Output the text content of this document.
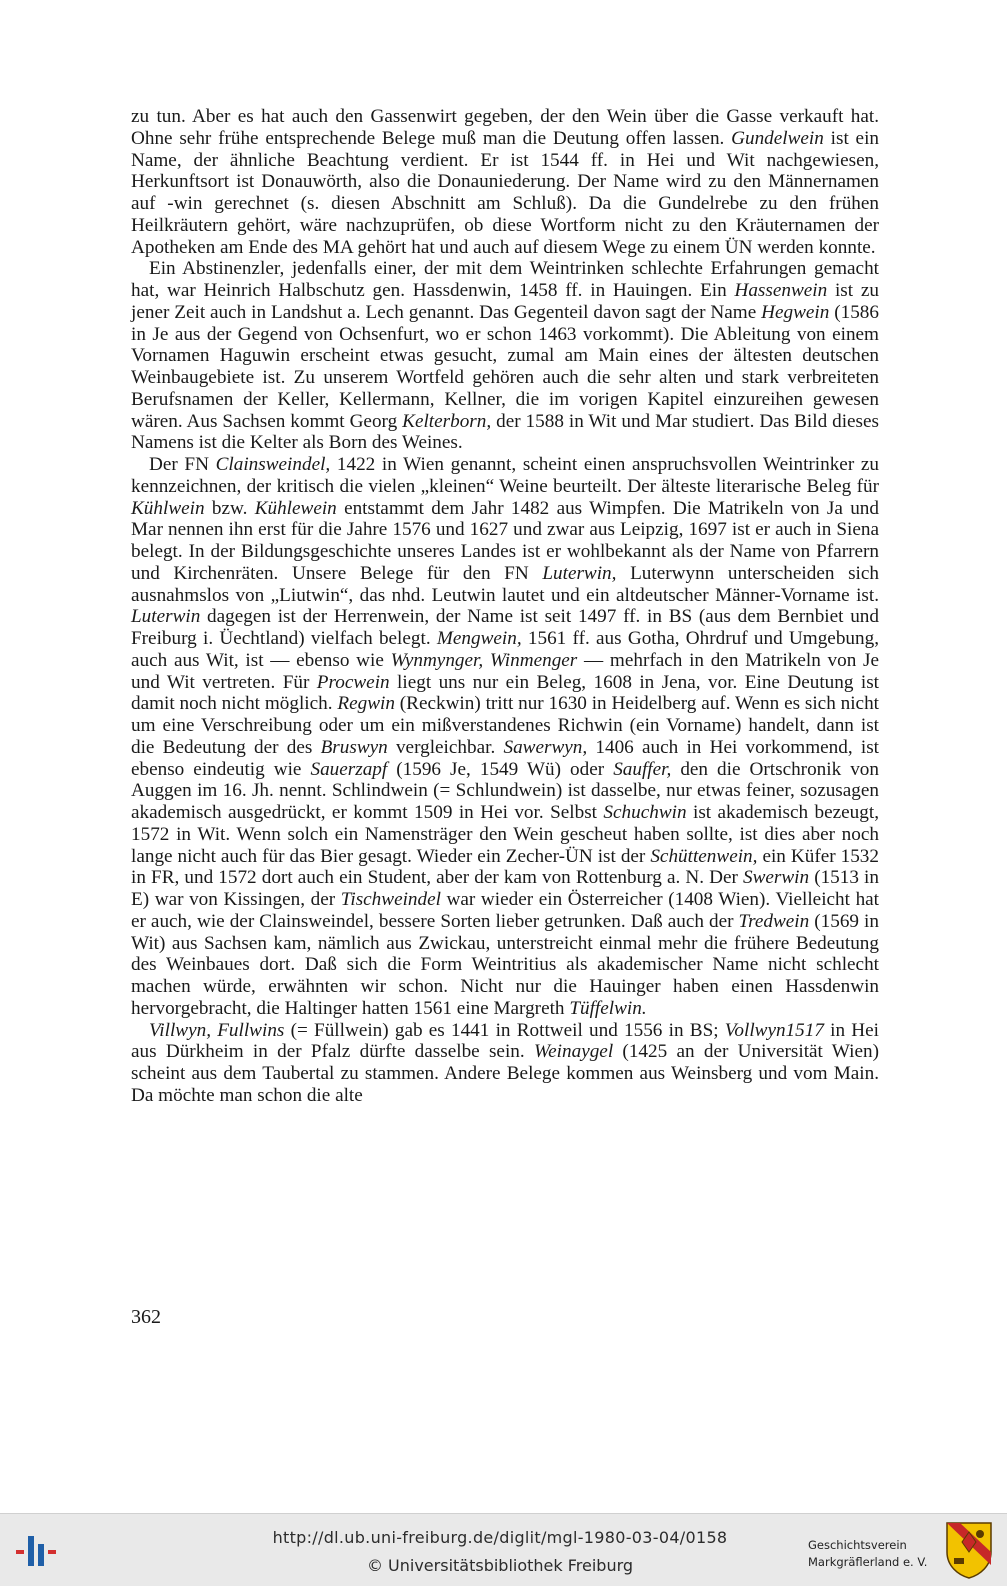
zu tun. Aber es hat auch den Gassenwirt gegeben, der den Wein über die Gasse verkauft hat. Ohne sehr frühe entsprechende Belege muß man die Deutung offen lassen. Gundelwein ist ein Name, der ähnliche Beachtung verdient. Er ist 1544 ff. in Hei und Wit nachgewiesen, Herkunftsort ist Donauwörth, also die Donauniederung. Der Name wird zu den Männernamen auf -win gerechnet (s. diesen Abschnitt am Schluß). Da die Gundelrebe zu den frühen Heilkräutern gehört, wäre nachzuprüfen, ob diese Wortform nicht zu den Kräuternamen der Apotheken am Ende des MA gehört hat und auch auf diesem Wege zu einem ÜN werden konnte.

Ein Abstinenzler, jedenfalls einer, der mit dem Weintrinken schlechte Erfahrungen gemacht hat, war Heinrich Halbschutz gen. Hassdenwin, 1458 ff. in Hauingen. Ein Hassenwein ist zu jener Zeit auch in Landshut a. Lech genannt. Das Gegenteil davon sagt der Name Hegwein (1586 in Je aus der Gegend von Ochsenfurt, wo er schon 1463 vorkommt). Die Ableitung von einem Vornamen Haguwin erscheint etwas gesucht, zumal am Main eines der ältesten deutschen Weinbaugebiete ist. Zu unserem Wortfeld gehören auch die sehr alten und stark verbreiteten Berufsnamen der Keller, Kellermann, Kellner, die im vorigen Kapitel einzureihen gewesen wären. Aus Sachsen kommt Georg Kelterborn, der 1588 in Wit und Mar studiert. Das Bild dieses Namens ist die Kelter als Born des Weines.

Der FN Clainsweindel, 1422 in Wien genannt, scheint einen anspruchsvollen Weintrinker zu kennzeichnen, der kritisch die vielen „kleinen“ Weine beurteilt. Der älteste literarische Beleg für Kühlwein bzw. Kühlewein entstammt dem Jahr 1482 aus Wimpfen. Die Matrikeln von Ja und Mar nennen ihn erst für die Jahre 1576 und 1627 und zwar aus Leipzig, 1697 ist er auch in Siena belegt. In der Bildungsgeschichte unseres Landes ist er wohlbekannt als der Name von Pfarrern und Kirchenräten. Unsere Belege für den FN Luterwin, Luterwynn unterscheiden sich ausnahmslos von „Liutwin“, das nhd. Leutwin lautet und ein altdeutscher Männer-Vorname ist. Luterwin dagegen ist der Herrenwein, der Name ist seit 1497 ff. in BS (aus dem Bernbiet und Freiburg i. Üechtland) vielfach belegt. Mengwein, 1561 ff. aus Gotha, Ohrdruf und Umgebung, auch aus Wit, ist — ebenso wie Wynmynger, Winmenger — mehrfach in den Matrikeln von Je und Wit vertreten. Für Procwein liegt uns nur ein Beleg, 1608 in Jena, vor. Eine Deutung ist damit noch nicht möglich. Regwin (Reckwin) tritt nur 1630 in Heidelberg auf. Wenn es sich nicht um eine Verschreibung oder um ein mißverstandenes Richwin (ein Vorname) handelt, dann ist die Bedeutung der des Bruswyn vergleichbar. Sawerwyn, 1406 auch in Hei vorkommend, ist ebenso eindeutig wie Sauerzapf (1596 Je, 1549 Wü) oder Sauffer, den die Ortschronik von Auggen im 16. Jh. nennt. Schlindwein (= Schlundwein) ist dasselbe, nur etwas feiner, sozusagen akademisch ausgedrückt, er kommt 1509 in Hei vor. Selbst Schuchwin ist akademisch bezeugt, 1572 in Wit. Wenn solch ein Namensträger den Wein gescheut haben sollte, ist dies aber noch lange nicht auch für das Bier gesagt. Wieder ein Zecher-ÜN ist der Schüttenwein, ein Küfer 1532 in FR, und 1572 dort auch ein Student, aber der kam von Rottenburg a. N. Der Swerwin (1513 in E) war von Kissingen, der Tischweindel war wieder ein Österreicher (1408 Wien). Vielleicht hat er auch, wie der Clainsweindel, bessere Sorten lieber getrunken. Daß auch der Tredwein (1569 in Wit) aus Sachsen kam, nämlich aus Zwickau, unterstreicht einmal mehr die frühere Bedeutung des Weinbaues dort. Daß sich die Form Weintritius als akademischer Name nicht schlecht machen würde, erwähnten wir schon. Nicht nur die Hauinger haben einen Hassdenwin hervorgebracht, die Haltinger hatten 1561 eine Margreth Tüffelwin.

Villwyn, Fullwins (= Füllwein) gab es 1441 in Rottweil und 1556 in BS; Vollwyn1517 in Hei aus Dürkheim in der Pfalz dürfte dasselbe sein. Weinaygel (1425 an der Universität Wien) scheint aus dem Taubertal zu stammen. Andere Belege kommen aus Weinsberg und vom Main. Da möchte man schon die alte

362
http://dl.ub.uni-freiburg.de/diglit/mgl-1980-03-04/0158
© Universitätsbibliothek Freiburg
Geschichtsverein
Markgräflerland e. V.
